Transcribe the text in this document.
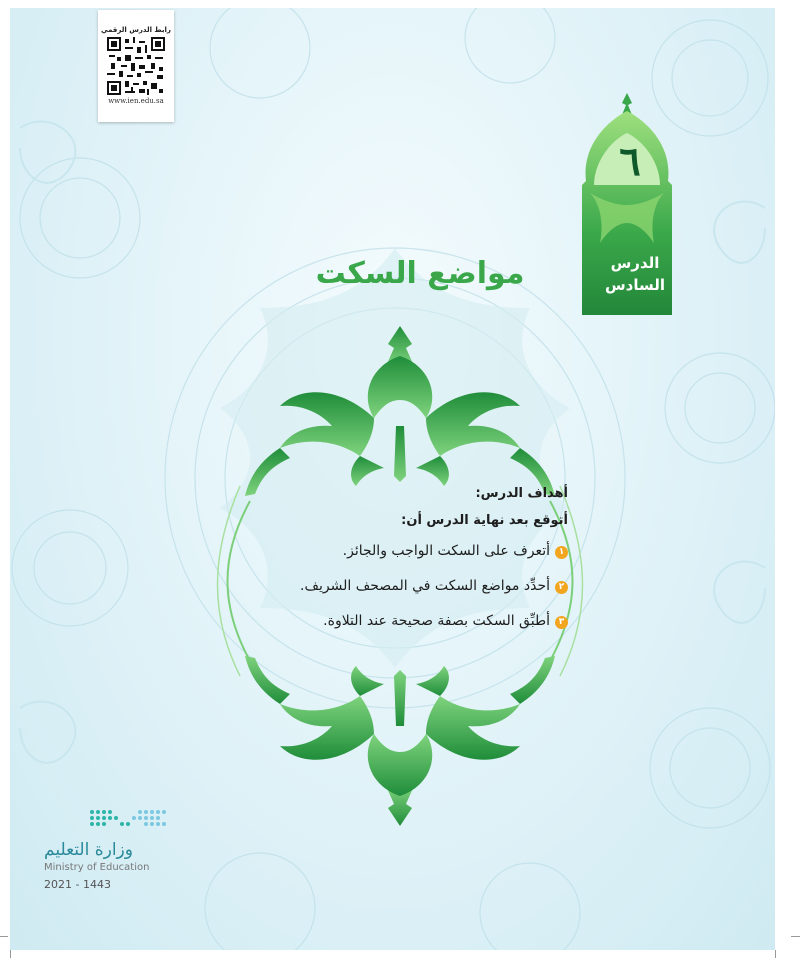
رابط الدرس الرقمي
www.ien.edu.sa
٦
الدرس
السادس
مواضع السكت
أهداف الدرس:
أتوقع بعد نهاية الدرس أن:
١أتعرف على السكت الواجب والجائز.
٢أحدِّد مواضع السكت في المصحف الشريف.
٣أطبِّق السكت بصفة صحيحة عند التلاوة.
وزارة التعليم
Ministry of Education
2021 - 1443
